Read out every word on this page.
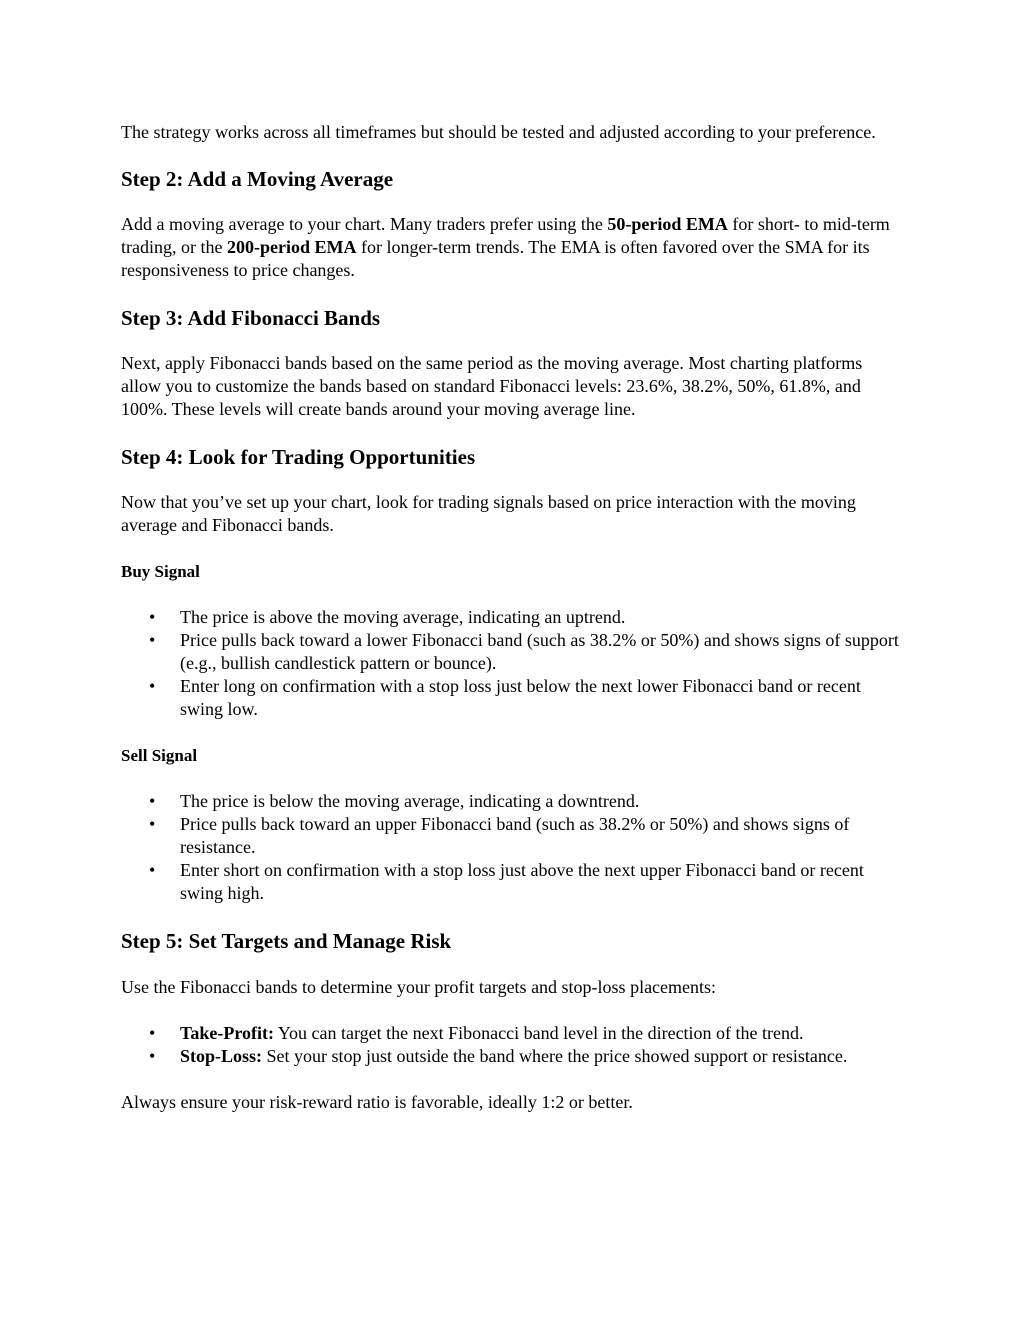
The strategy works across all timeframes but should be tested and adjusted according to your preference.

Step 2: Add a Moving Average

Add a moving average to your chart. Many traders prefer using the 50-period EMA for short- to mid-term trading, or the 200-period EMA for longer-term trends. The EMA is often favored over the SMA for its responsiveness to price changes.

Step 3: Add Fibonacci Bands

Next, apply Fibonacci bands based on the same period as the moving average. Most charting platforms allow you to customize the bands based on standard Fibonacci levels: 23.6%, 38.2%, 50%, 61.8%, and 100%. These levels will create bands around your moving average line.

Step 4: Look for Trading Opportunities

Now that you’ve set up your chart, look for trading signals based on price interaction with the moving average and Fibonacci bands.

Buy Signal
• The price is above the moving average, indicating an uptrend.
• Price pulls back toward a lower Fibonacci band (such as 38.2% or 50%) and shows signs of support (e.g., bullish candlestick pattern or bounce).
• Enter long on confirmation with a stop loss just below the next lower Fibonacci band or recent swing low.
Sell Signal
• The price is below the moving average, indicating a downtrend.
• Price pulls back toward an upper Fibonacci band (such as 38.2% or 50%) and shows signs of resistance.
• Enter short on confirmation with a stop loss just above the next upper Fibonacci band or recent swing high.
Step 5: Set Targets and Manage Risk

Use the Fibonacci bands to determine your profit targets and stop-loss placements:

• Take-Profit: You can target the next Fibonacci band level in the direction of the trend.
• Stop-Loss: Set your stop just outside the band where the price showed support or resistance.

Always ensure your risk-reward ratio is favorable, ideally 1:2 or better.
